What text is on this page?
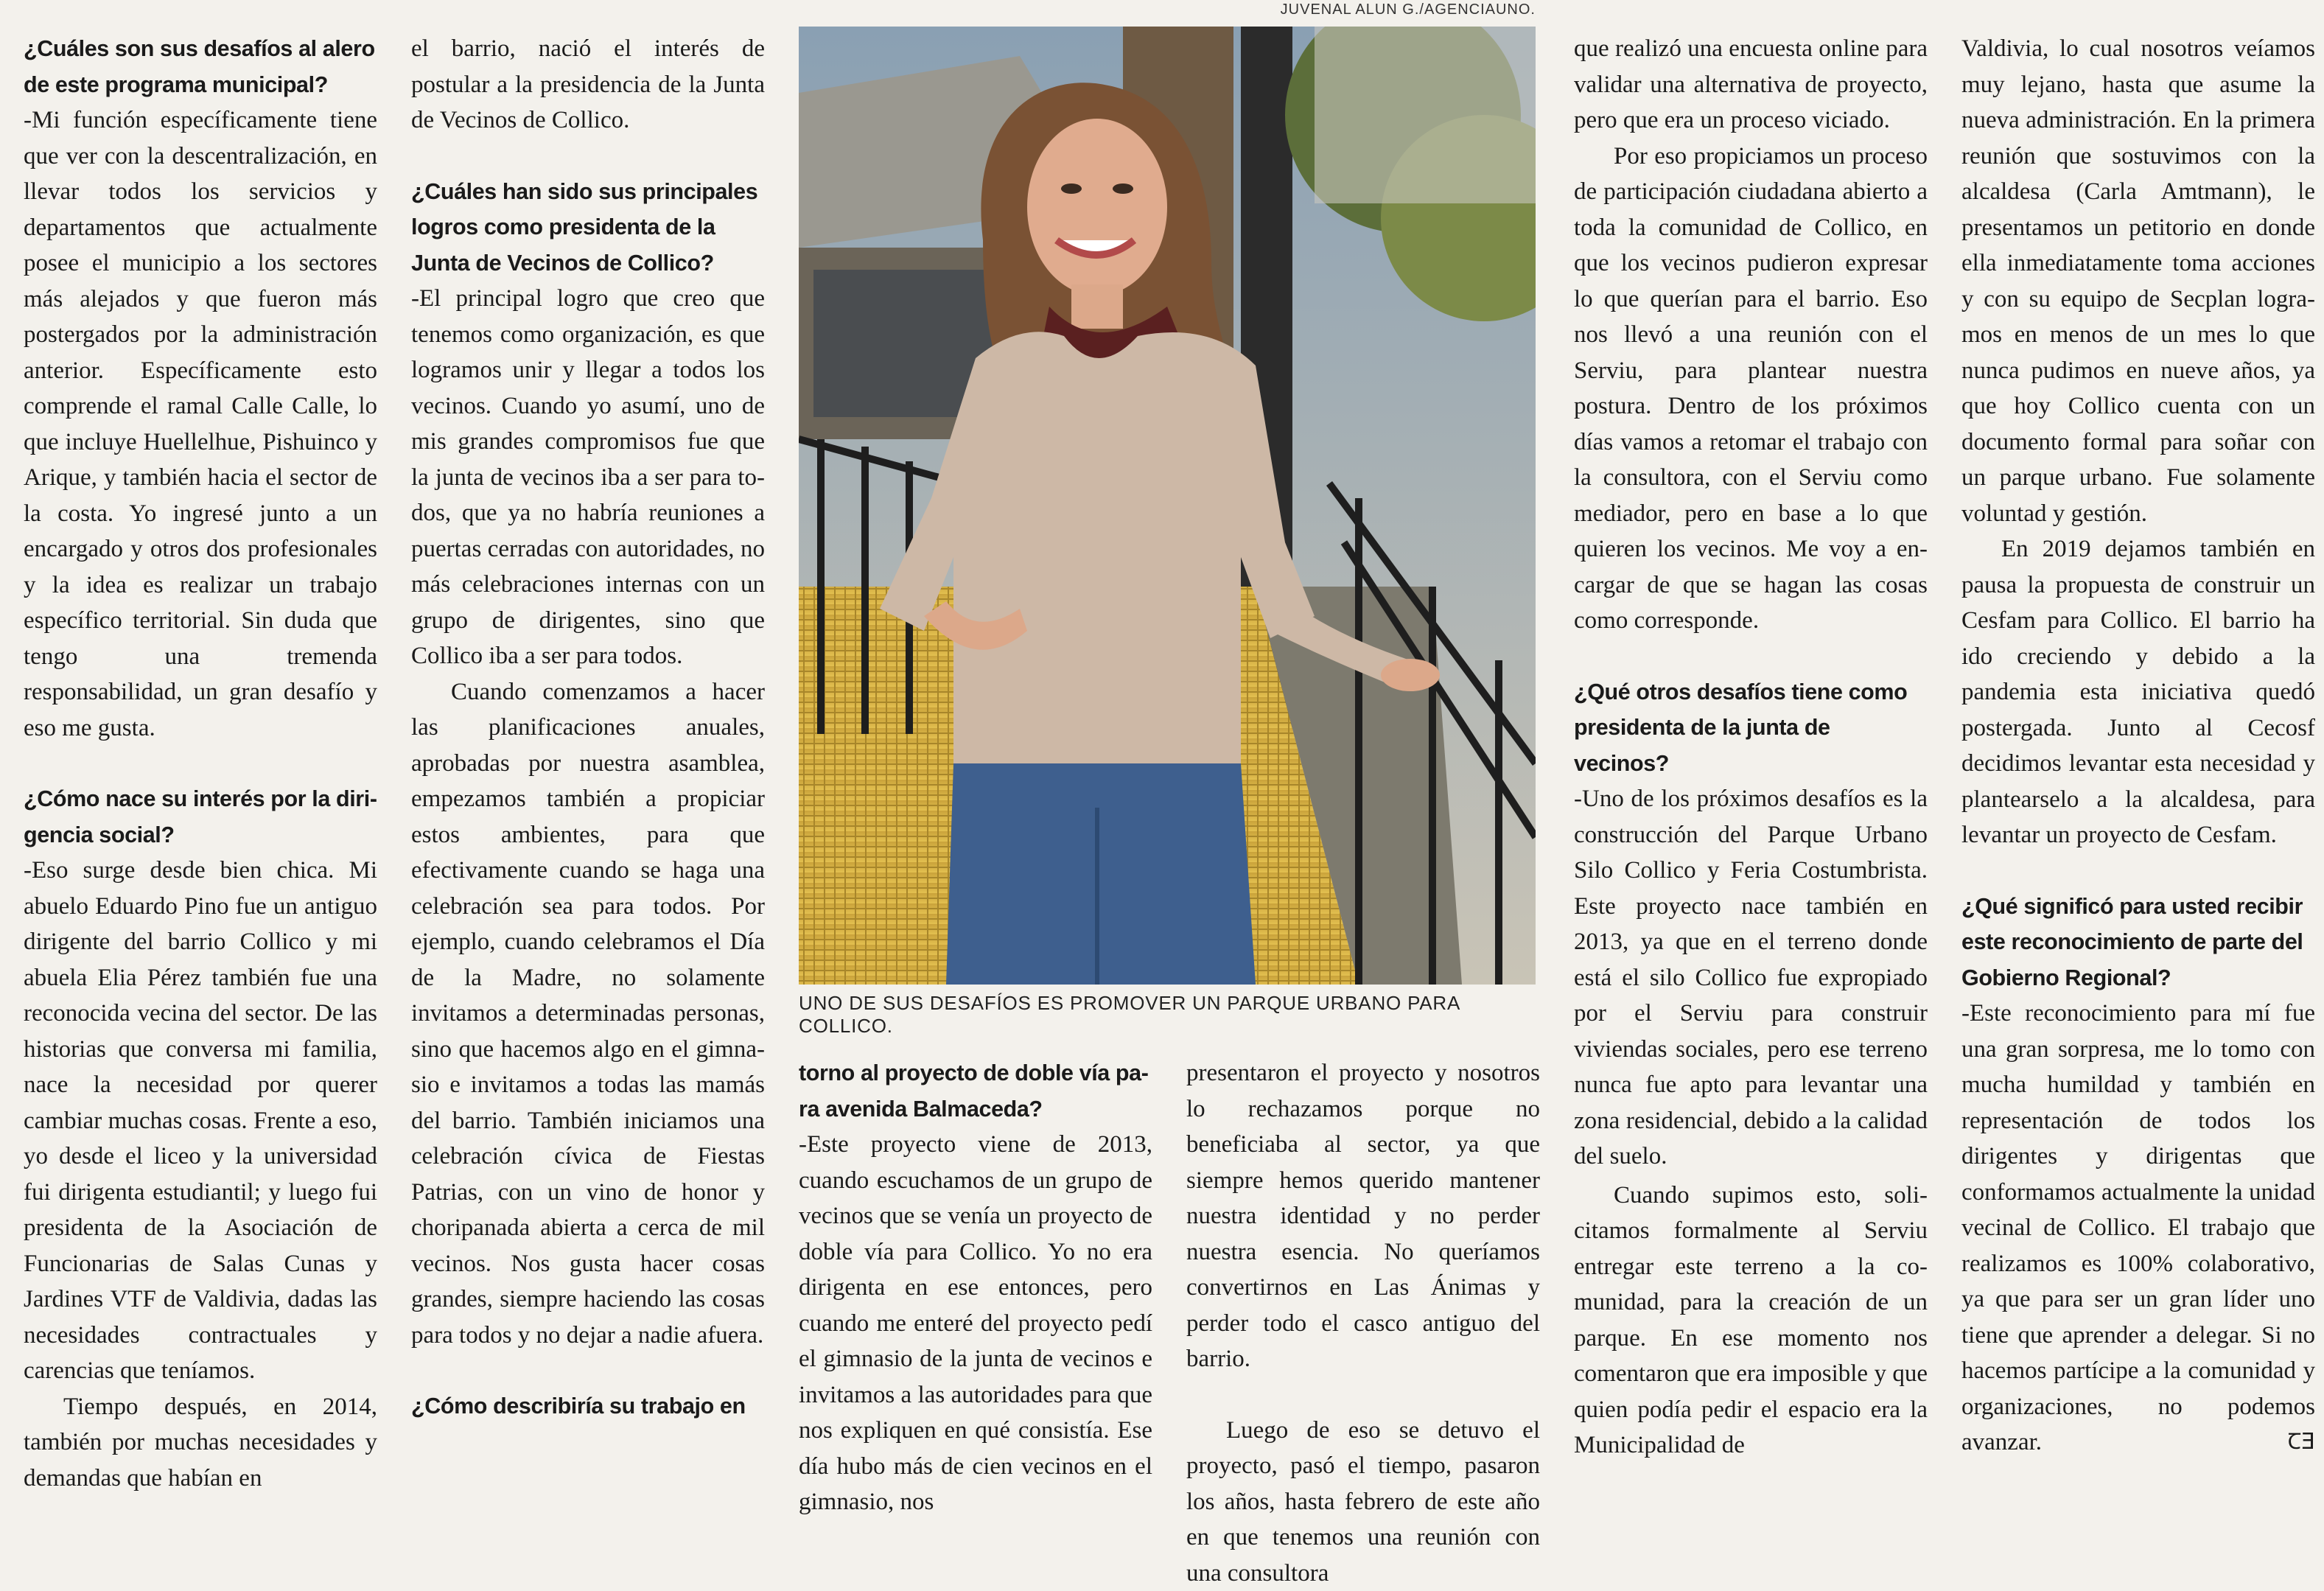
¿Cuáles son sus desafíos al alero de este programa municipal?

-Mi función específicamente tiene que ver con la descentralización, en llevar todos los servicios y departamentos que actualmente posee el municipio a los sectores más alejados y que fueron más postergados por la administración anterior. Específicamente esto comprende el ramal Calle Calle, lo que incluye Huellelhue, Pishuinco y Arique, y también hacia el sector de la costa. Yo ingresé junto a un encargado y otros dos profesionales y la idea es realizar un trabajo específico territorial. Sin duda que tengo una tremenda responsabilidad, un gran desafío y eso me gusta.

¿Cómo nace su interés por la dirigencia social?

-Eso surge desde bien chica. Mi abuelo Eduardo Pino fue un antiguo dirigente del barrio Collico y mi abuela Elia Pérez también fue una reconocida vecina del sector. De las historias que conversa mi familia, nace la necesidad por querer cambiar muchas cosas. Frente a eso, yo desde el liceo y la universidad fui dirigenta estudiantil; y luego fui presidenta de la Asociación de Funcionarias de Salas Cunas y Jardines VTF de Valdivia, dadas las necesidades contractuales y carencias que teníamos.

Tiempo después, en 2014, también por muchas necesidades y demandas que habían en

el barrio, nació el interés de postular a la presidencia de la Junta de Vecinos de Collico.

¿Cuáles han sido sus principales logros como presidenta de la Junta de Vecinos de Collico?

-El principal logro que creo que tenemos como organización, es que logramos unir y llegar a todos los vecinos. Cuando yo asumí, uno de mis grandes compromisos fue que la junta de vecinos iba a ser para todos, que ya no habría reuniones a puertas cerradas con autoridades, no más celebraciones internas con un grupo de dirigentes, sino que Collico iba a ser para todos.

Cuando comenzamos a hacer las planificaciones anuales, aprobadas por nuestra asamblea, empezamos también a propiciar estos ambientes, para que efectivamente cuando se haga una celebración sea para todos. Por ejemplo, cuando celebramos el Día de la Madre, no solamente invitamos a determinadas personas, sino que hacemos algo en el gimnasio e invitamos a todas las mamás del barrio. También iniciamos una celebración cívica de Fiestas Patrias, con un vino de honor y choripanada abierta a cerca de mil vecinos. Nos gusta hacer cosas grandes, siempre haciendo las cosas para todos y no dejar a nadie afuera.

¿Cómo describiría su trabajo en

JUVENAL ALUN G./AGENCIAUNO.
UNO DE SUS DESAFÍOS ES PROMOVER UN PARQUE URBANO PARA COLLICO.

torno al proyecto de doble vía para avenida Balmaceda?

-Este proyecto viene de 2013, cuando escuchamos de un grupo de vecinos que se venía un proyecto de doble vía para Collico. Yo no era dirigenta en ese entonces, pero cuando me enteré del proyecto pedí el gimnasio de la junta de vecinos e invitamos a las autoridades para que nos expliquen en qué consistía. Ese día hubo más de cien vecinos en el gimnasio, nos

presentaron el proyecto y nosotros lo rechazamos porque no beneficiaba al sector, ya que siempre hemos querido mantener nuestra identidad y no perder nuestra esencia. No queríamos convertirnos en Las Ánimas y perder todo el casco antiguo del barrio.

Luego de eso se detuvo el proyecto, pasó el tiempo, pasaron los años, hasta febrero de este año en que tenemos una reunión con una consultora

que realizó una encuesta online para validar una alternativa de proyecto, pero que era un proceso viciado.

Por eso propiciamos un proceso de participación ciudadana abierto a toda la comunidad de Collico, en que los vecinos pudieron expresar lo que querían para el barrio. Eso nos llevó a una reunión con el Serviu, para plantear nuestra postura. Dentro de los próximos días vamos a retomar el trabajo con la consultora, con el Serviu como mediador, pero en base a lo que quieren los vecinos. Me voy a encargar de que se hagan las cosas como corresponde.

¿Qué otros desafíos tiene como presidenta de la junta de vecinos?

-Uno de los próximos desafíos es la construcción del Parque Urbano Silo Collico y Feria Costumbrista. Este proyecto nace también en 2013, ya que en el terreno donde está el silo Collico fue expropiado por el Serviu para construir viviendas sociales, pero ese terreno nunca fue apto para levantar una zona residencial, debido a la calidad del suelo.

Cuando supimos esto, solicitamos formalmente al Serviu entregar este terreno a la comunidad, para la creación de un parque. En ese momento nos comentaron que era imposible y que quien podía pedir el espacio era la Municipalidad de

Valdivia, lo cual nosotros veíamos muy lejano, hasta que asume la nueva administración. En la primera reunión que sostuvimos con la alcaldesa (Carla Amtmann), le presentamos un petitorio en donde ella inmediatamente toma acciones y con su equipo de Secplan logramos en menos de un mes lo que nunca pudimos en nueve años, ya que hoy Collico cuenta con un documento formal para soñar con un parque urbano. Fue solamente voluntad y gestión.

En 2019 dejamos también en pausa la propuesta de construir un Cesfam para Collico. El barrio ha ido creciendo y debido a la pandemia esta iniciativa quedó postergada. Junto al Cecosf decidimos levantar esta necesidad y plantearselo a la alcaldesa, para levantar un proyecto de Cesfam.

¿Qué significó para usted recibir este reconocimiento de parte del Gobierno Regional?

-Este reconocimiento para mí fue una gran sorpresa, me lo tomo con mucha humildad y también en representación de todos los dirigentes y dirigentas que conformamos actualmente la unidad vecinal de Collico. El trabajo que realizamos es 100% colaborativo, ya que para ser un gran líder uno tiene que aprender a delegar. Si no hacemos partícipe a la comunidad y organizaciones, no podemos avanzar.	ꞆƎ
